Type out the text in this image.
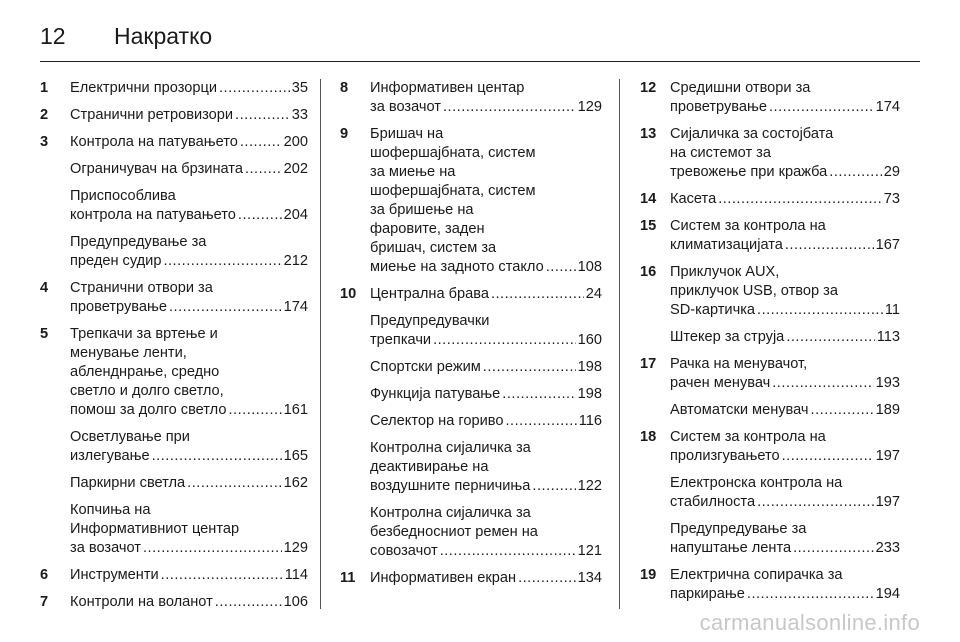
12	Накратко
1	Електрични прозорци .....	35
2	Странични ретровизори .....	33
3	Контрола на патувањето .....	200
Ограничувач на брзината .....	202
Приспособлива
контрола на патувањето .....	204
Предупредување за
преден судир .....	212
4	Странични отвори за
проветрување .....	174
5	Трепкачи за вртење и
менување ленти,
абленднрање, средно
светло и долго светло,
помош за долго светло .....	161
Осветлување при
излегување .....	165
Паркирни светла .....	162
Копчиња на
Информативниот центар
за возачот .....	129
6	Инструменти .....	114
7	Контроли на воланот .....	106
8	Информативен центар
за возачот .....	129
9	Бришач на
шофершајбната, систем
за миење на
шофершајбната, систем
за бришење на
фаровите, заден
бришач, систем за
миење на задното стакло ..... 108
10 Централна брава .....	24
Предупредувачки
трепкачи .....	160
Спортски режим .....	198
Функција патување .....	198
Селектор на гориво .....	116
Контролна сијаличка за
деактивирање на
воздушните перничиња .....	122
Контролна сијаличка за
безбедносниот ремен на
совозачот .....	121
11 Информативен екран .....	134
12 Средишни отвори за
проветрување .....	174
13 Сијаличка за состојбата
на системот за
тревожење при кражба .....	29
14 Касета .....	73
15 Систем за контрола на
климатизацијата .....	167
16 Приклучок AUX,
приклучок USB, отвор за
SD-картичка .....	11
Штекер за струја .....	113
17 Рачка на менувачот,
рачен менувач .....	193
Автоматски менувач .....	189
18 Систем за контрола на
пролизгувањето .....	197
Електронска контрола на
стабилноста .....	197
Предупредување за
напуштање лента .....	233
19 Електрична сопирачка за
паркирање .....	194
carmanualsonline.info
